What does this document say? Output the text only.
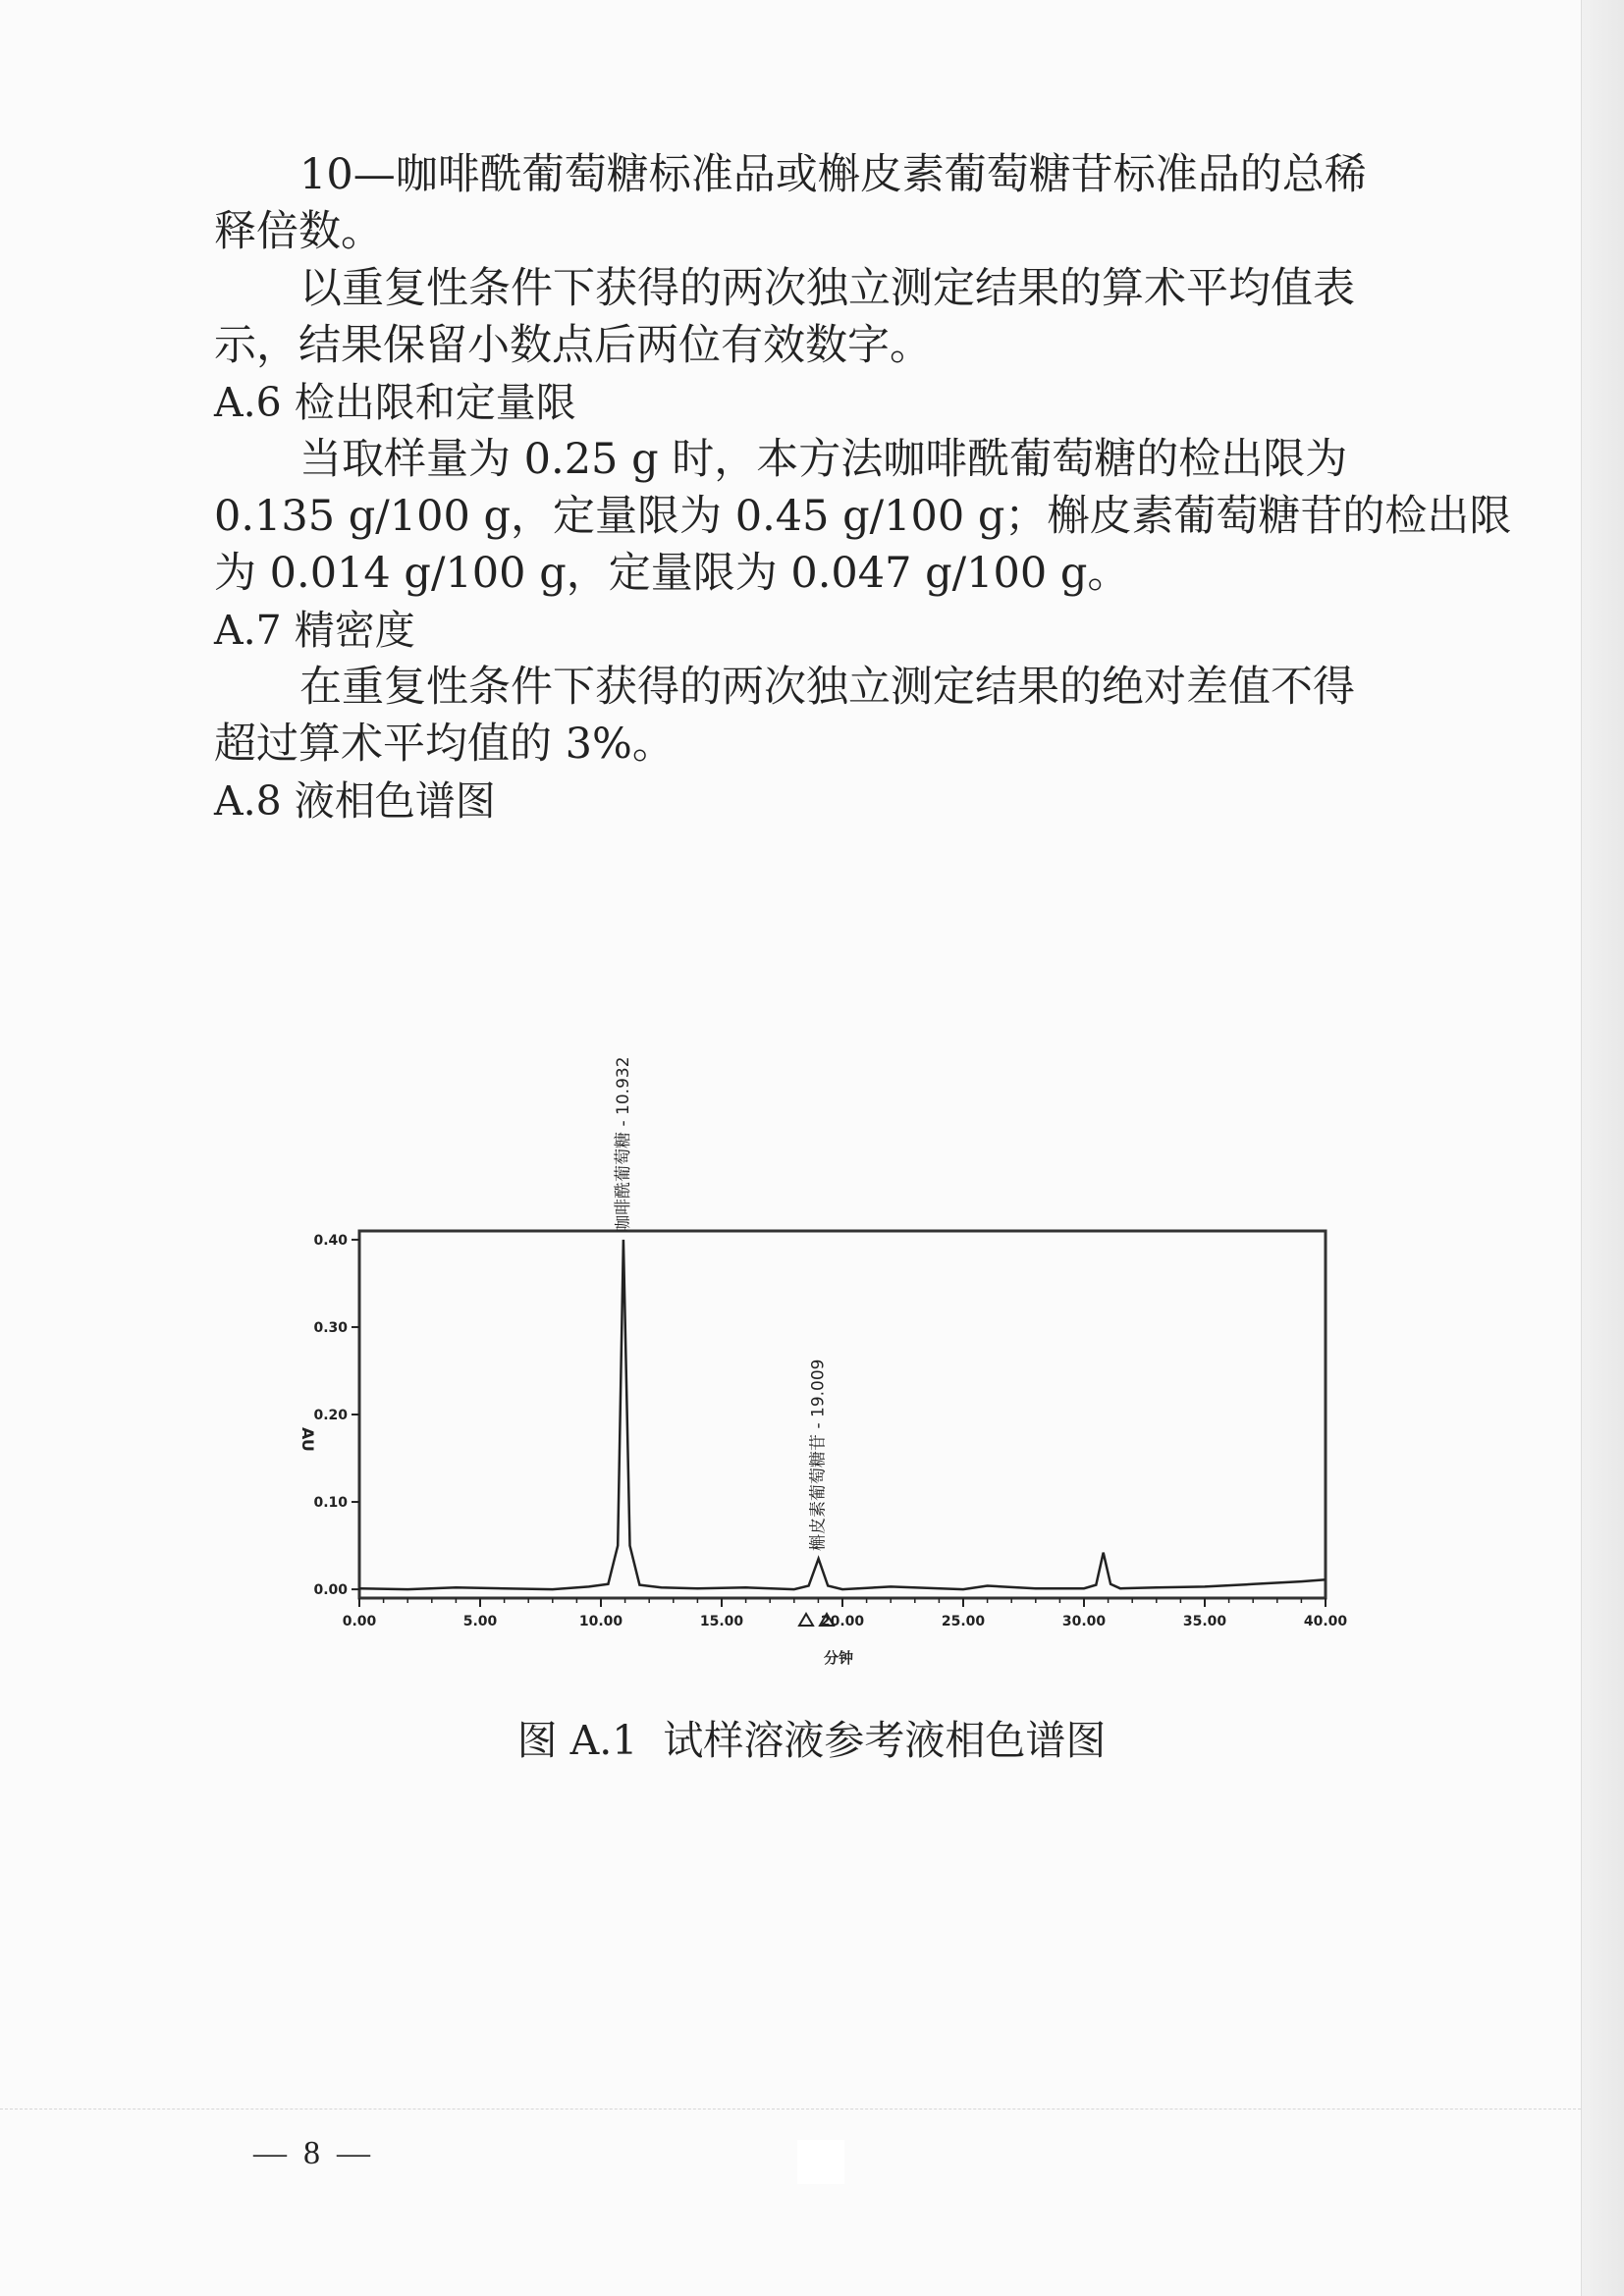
10—咖啡酰葡萄糖标准品或槲皮素葡萄糖苷标准品的总稀
释倍数。
以重复性条件下获得的两次独立测定结果的算术平均值表
示，结果保留小数点后两位有效数字。
A.6 检出限和定量限
当取样量为 0.25 g 时，本方法咖啡酰葡萄糖的检出限为
0.135 g/100 g，定量限为 0.45 g/100 g；槲皮素葡萄糖苷的检出限
为 0.014 g/100 g，定量限为 0.047 g/100 g。
A.7 精密度
在重复性条件下获得的两次独立测定结果的绝对差值不得
超过算术平均值的 3%。
A.8 液相色谱图
0.00
0.10
0.20
0.30
0.40
0.00	5.00	10.00	15.00	20.00	25.00	30.00	35.00	40.00
咖啡酰葡萄糖 - 10.932
槲皮素葡萄糖苷 - 19.009
AU
分钟
图 A.1  试样溶液参考液相色谱图
—  8  —
